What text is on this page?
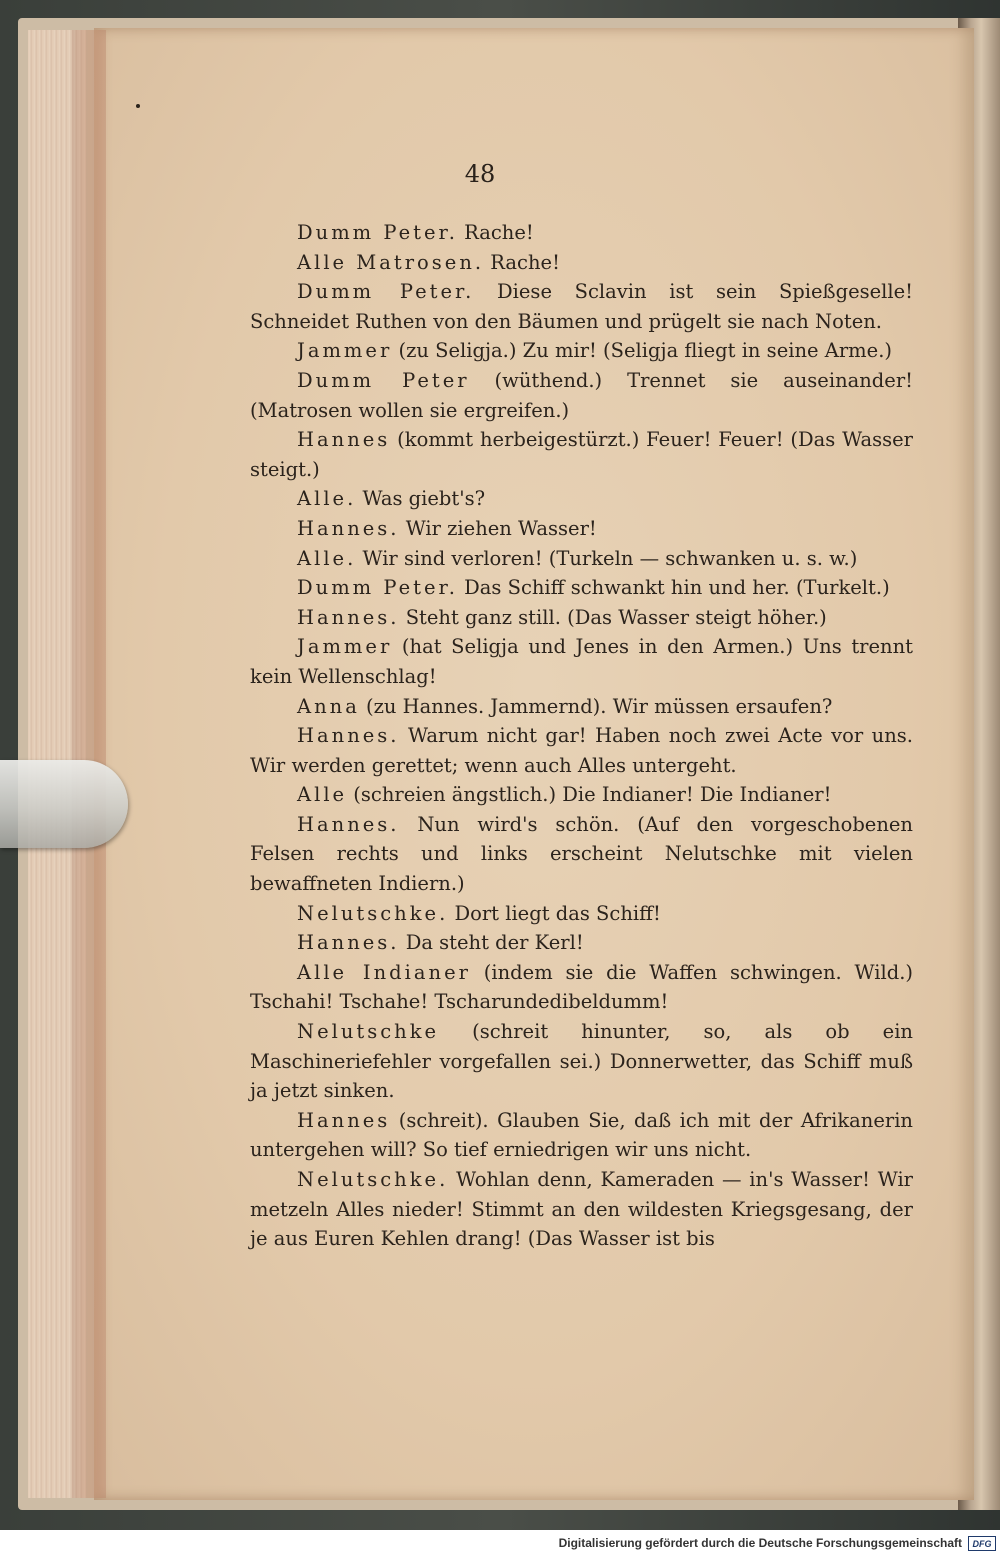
48

Dumm Peter. Rache!

Alle Matrosen. Rache!

Dumm Peter. Diese Sclavin ist sein Spießgeselle! Schneidet Ruthen von den Bäumen und prügelt sie nach Noten.

Jammer (zu Seligja.) Zu mir! (Seligja fliegt in seine Arme.)

Dumm Peter (wüthend.) Trennet sie auseinander! (Matrosen wollen sie ergreifen.)

Hannes (kommt herbeigestürzt.) Feuer! Feuer! (Das Wasser steigt.)

Alle. Was giebt's?

Hannes. Wir ziehen Wasser!

Alle. Wir sind verloren! (Turkeln — schwanken u. s. w.)

Dumm Peter. Das Schiff schwankt hin und her. (Turkelt.)

Hannes. Steht ganz still. (Das Wasser steigt höher.)

Jammer (hat Seligja und Jenes in den Armen.) Uns trennt kein Wellenschlag!

Anna (zu Hannes. Jammernd). Wir müssen ersaufen?

Hannes. Warum nicht gar! Haben noch zwei Acte vor uns. Wir werden gerettet; wenn auch Alles untergeht.

Alle (schreien ängstlich.) Die Indianer! Die Indianer!

Hannes. Nun wird's schön. (Auf den vorgeschobenen Felsen rechts und links erscheint Nelutschke mit vielen bewaffneten Indiern.)

Nelutschke. Dort liegt das Schiff!

Hannes. Da steht der Kerl!

Alle Indianer (indem sie die Waffen schwingen. Wild.) Tschahi! Tschahe! Tscharundedibeldumm!

Nelutschke (schreit hinunter, so, als ob ein Maschineriefehler vorgefallen sei.) Donnerwetter, das Schiff muß ja jetzt sinken.

Hannes (schreit). Glauben Sie, daß ich mit der Afrikanerin untergehen will? So tief erniedrigen wir uns nicht.

Nelutschke. Wohlan denn, Kameraden — in's Wasser! Wir metzeln Alles nieder! Stimmt an den wildesten Kriegsgesang, der je aus Euren Kehlen drang! (Das Wasser ist bis

Digitalisierung gefördert durch die Deutsche Forschungsgemeinschaft	DFG
